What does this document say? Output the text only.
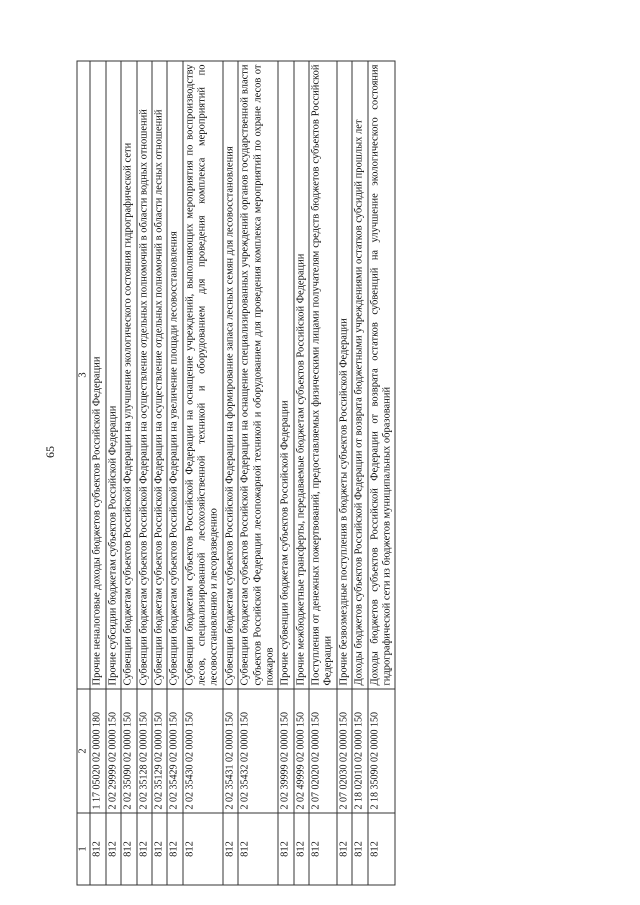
65
1	2	3
812	1 17 05020 02 0000 180	Прочие неналоговые доходы бюджетов субъектов Российской Федерации
812	2 02 29999 02 0000 150	Прочие субсидии бюджетам субъектов Российской Федерации
812	2 02 35090 02 0000 150	Субвенции бюджетам субъектов Российской Федерации на улучшение экологического состояния гидрографической сети
812	2 02 35128 02 0000 150	Субвенции бюджетам субъектов Российской Федерации на осуществление отдельных полномочий в области водных отношений
812	2 02 35129 02 0000 150	Субвенции бюджетам субъектов Российской Федерации на осуществление отдельных полномочий в области лесных отношений
812	2 02 35429 02 0000 150	Субвенции бюджетам субъектов Российской Федерации на увеличение площади лесовосстановления
812	2 02 35430 02 0000 150	Субвенции бюджетам субъектов Российской Федерации на оснащение учреждений, выполняющих мероприятия по воспроизводству лесов, специализированной лесохозяйственной техникой и оборудованием для проведения комплекса мероприятий по лесовосстановлению и лесоразведению
812	2 02 35431 02 0000 150	Субвенции бюджетам субъектов Российской Федерации на формирование запаса лесных семян для лесовосстановления
812	2 02 35432 02 0000 150	Субвенции бюджетам субъектов Российской Федерации на оснащение специализированных учреждений органов государственной власти субъектов Российской Федерации лесопожарной техникой и оборудованием для проведения комплекса мероприятий по охране лесов от пожаров
812	2 02 39999 02 0000 150	Прочие субвенции бюджетам субъектов Российской Федерации
812	2 02 49999 02 0000 150	Прочие межбюджетные трансферты, передаваемые бюджетам субъектов Российской Федерации
812	2 07 02020 02 0000 150	Поступления от денежных пожертвований, предоставляемых физическими лицами получателям средств бюджетов субъектов Российской Федерации
812	2 07 02030 02 0000 150	Прочие безвозмездные поступления в бюджеты субъектов Российской Федерации
812	2 18 02010 02 0000 150	Доходы бюджетов субъектов Российской Федерации от возврата бюджетными учреждениями остатков субсидий прошлых лет
812	2 18 35090 02 0000 150	Доходы бюджетов субъектов Российской Федерации от возврата остатков субвенций на улучшение экологического состояния гидрографической сети из бюджетов муниципальных образований
